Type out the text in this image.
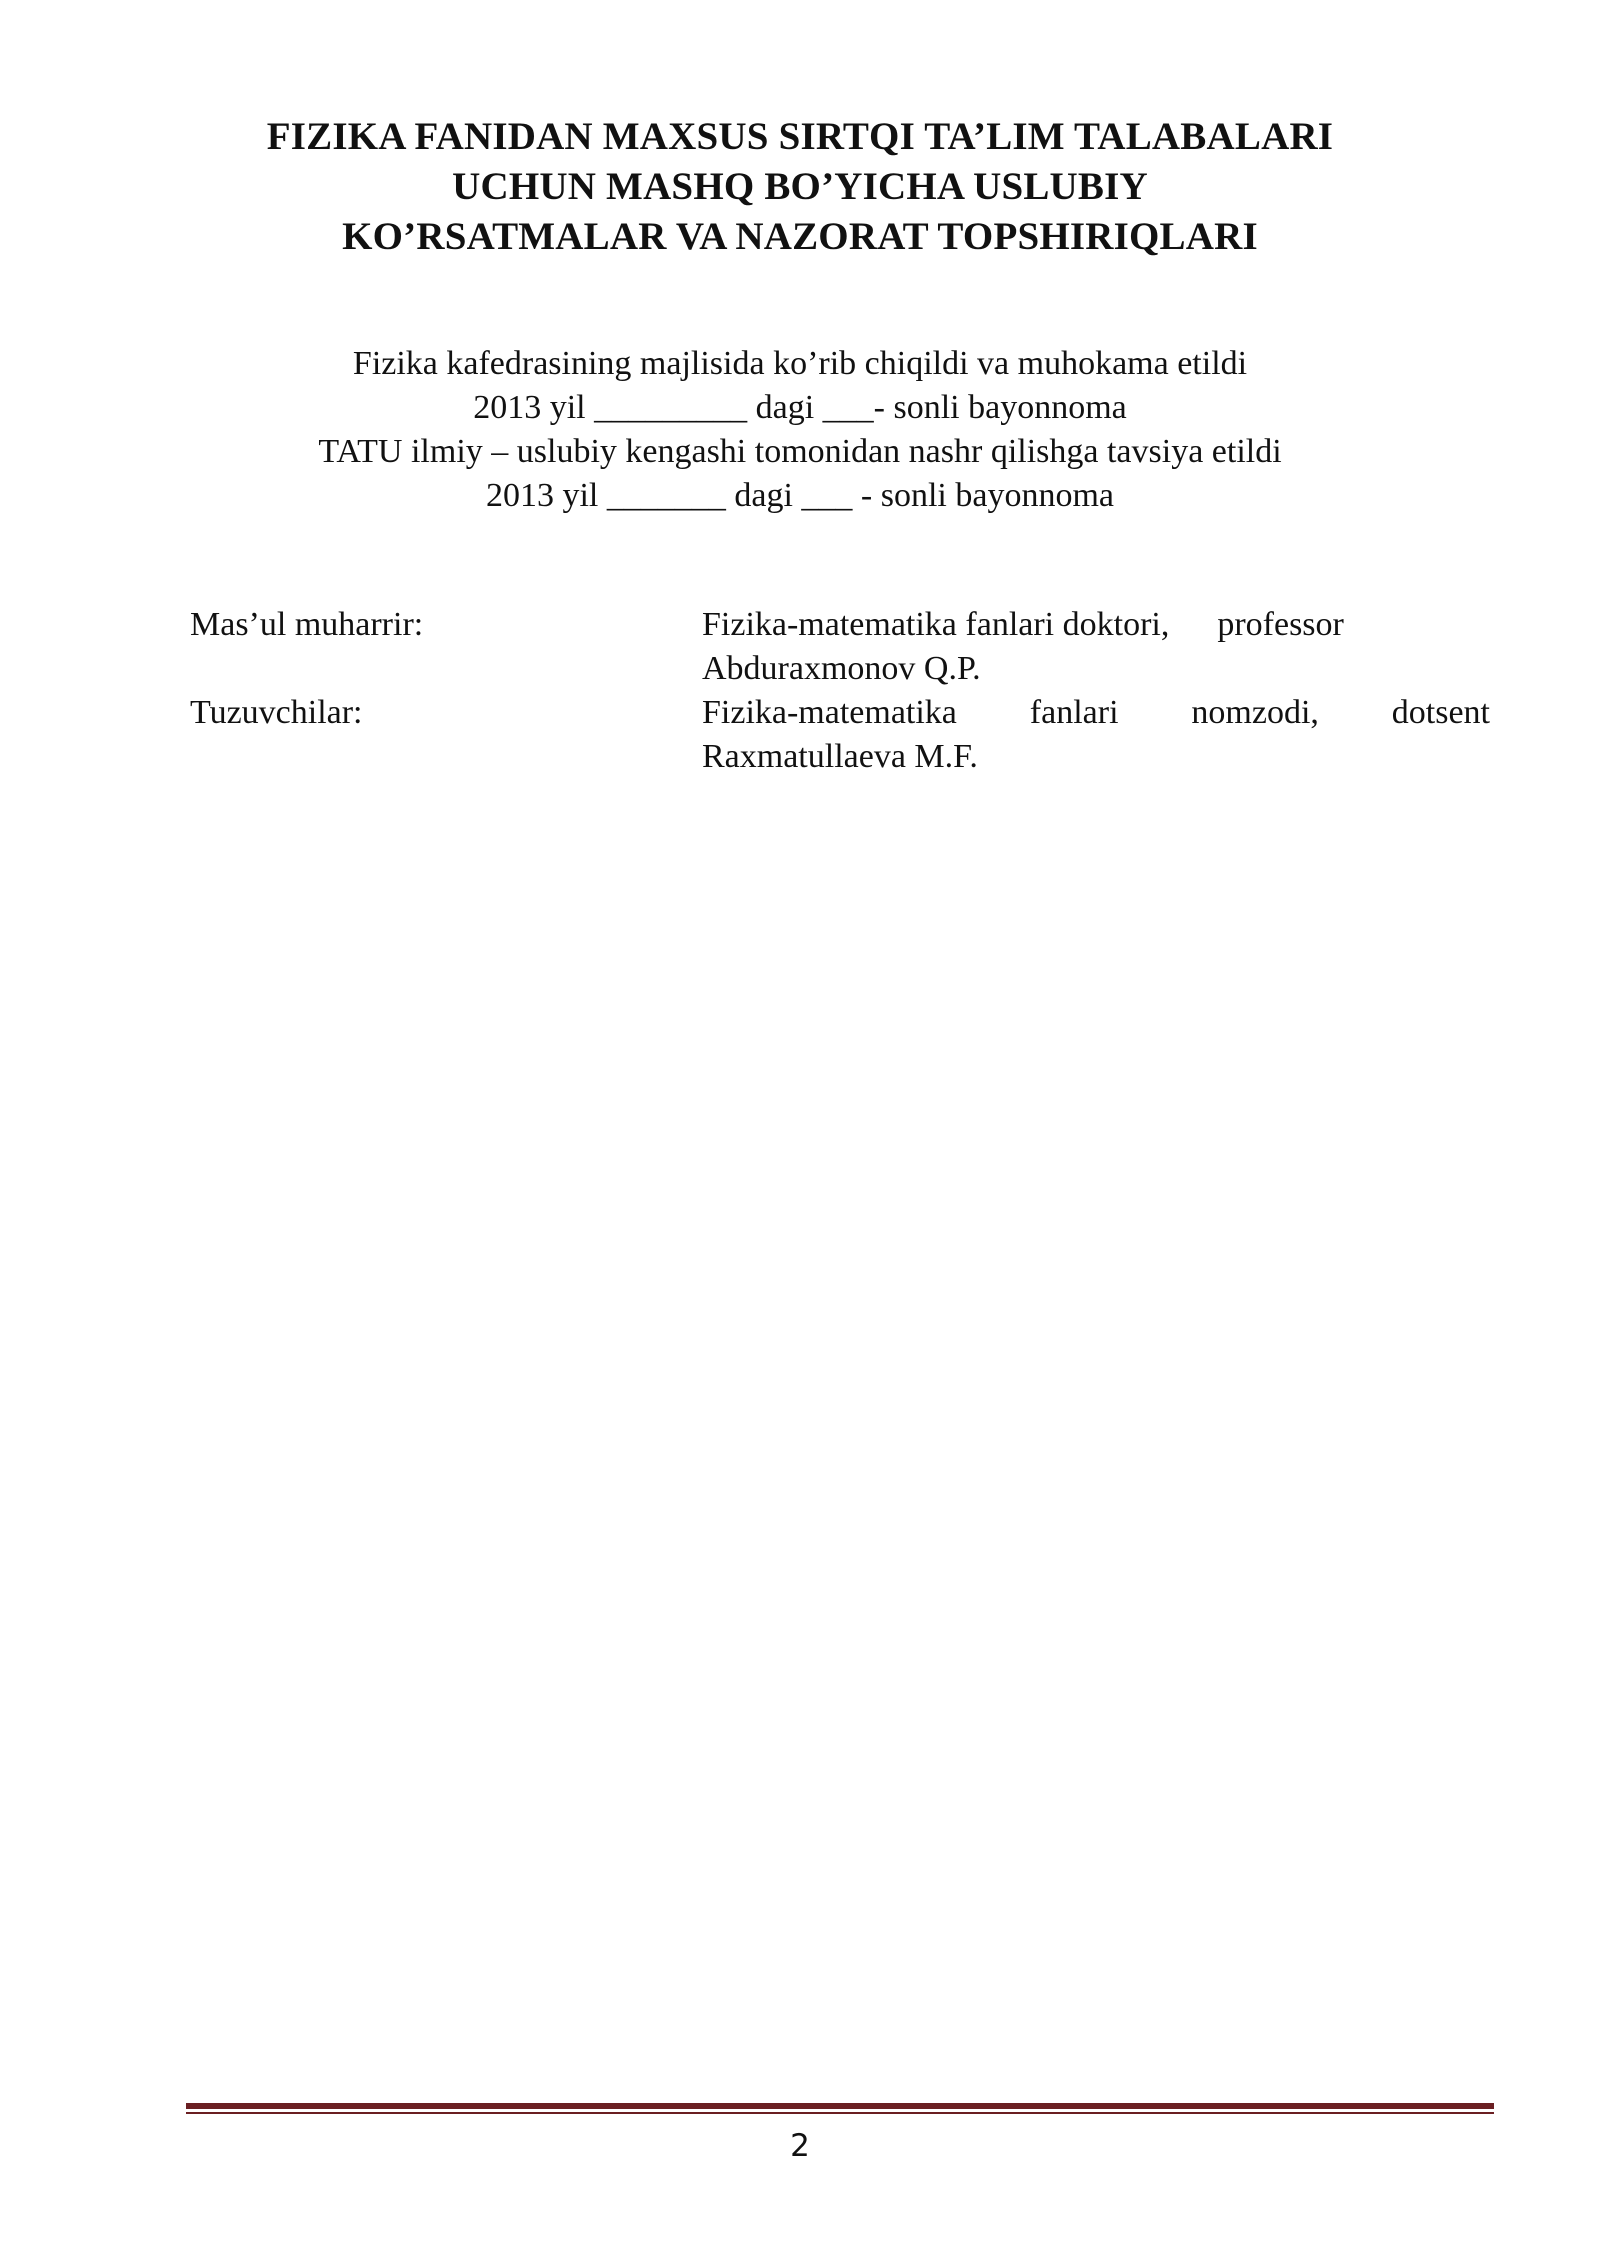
FIZIKA FANIDAN MAXSUS SIRTQI TA’LIM TALABALARI
UCHUN MASHQ BO’YICHA USLUBIY
KO’RSATMALAR VA NAZORAT TOPSHIRIQLARI
Fizika kafedrasining majlisida ko’rib chiqildi va muhokama etildi
2013 yil _________ dagi ___- sonli bayonnoma
TATU ilmiy – uslubiy kengashi tomonidan nashr qilishga tavsiya etildi
2013 yil _______ dagi ___ - sonli bayonnoma
Mas’ul muharrir:	Fizika-matematika fanlari doktori, professor
Abduraxmonov Q.P.
Tuzuvchilar:	Fizika-matematika fanlari nomzodi, dotsent
Raxmatullaeva M.F.
2
